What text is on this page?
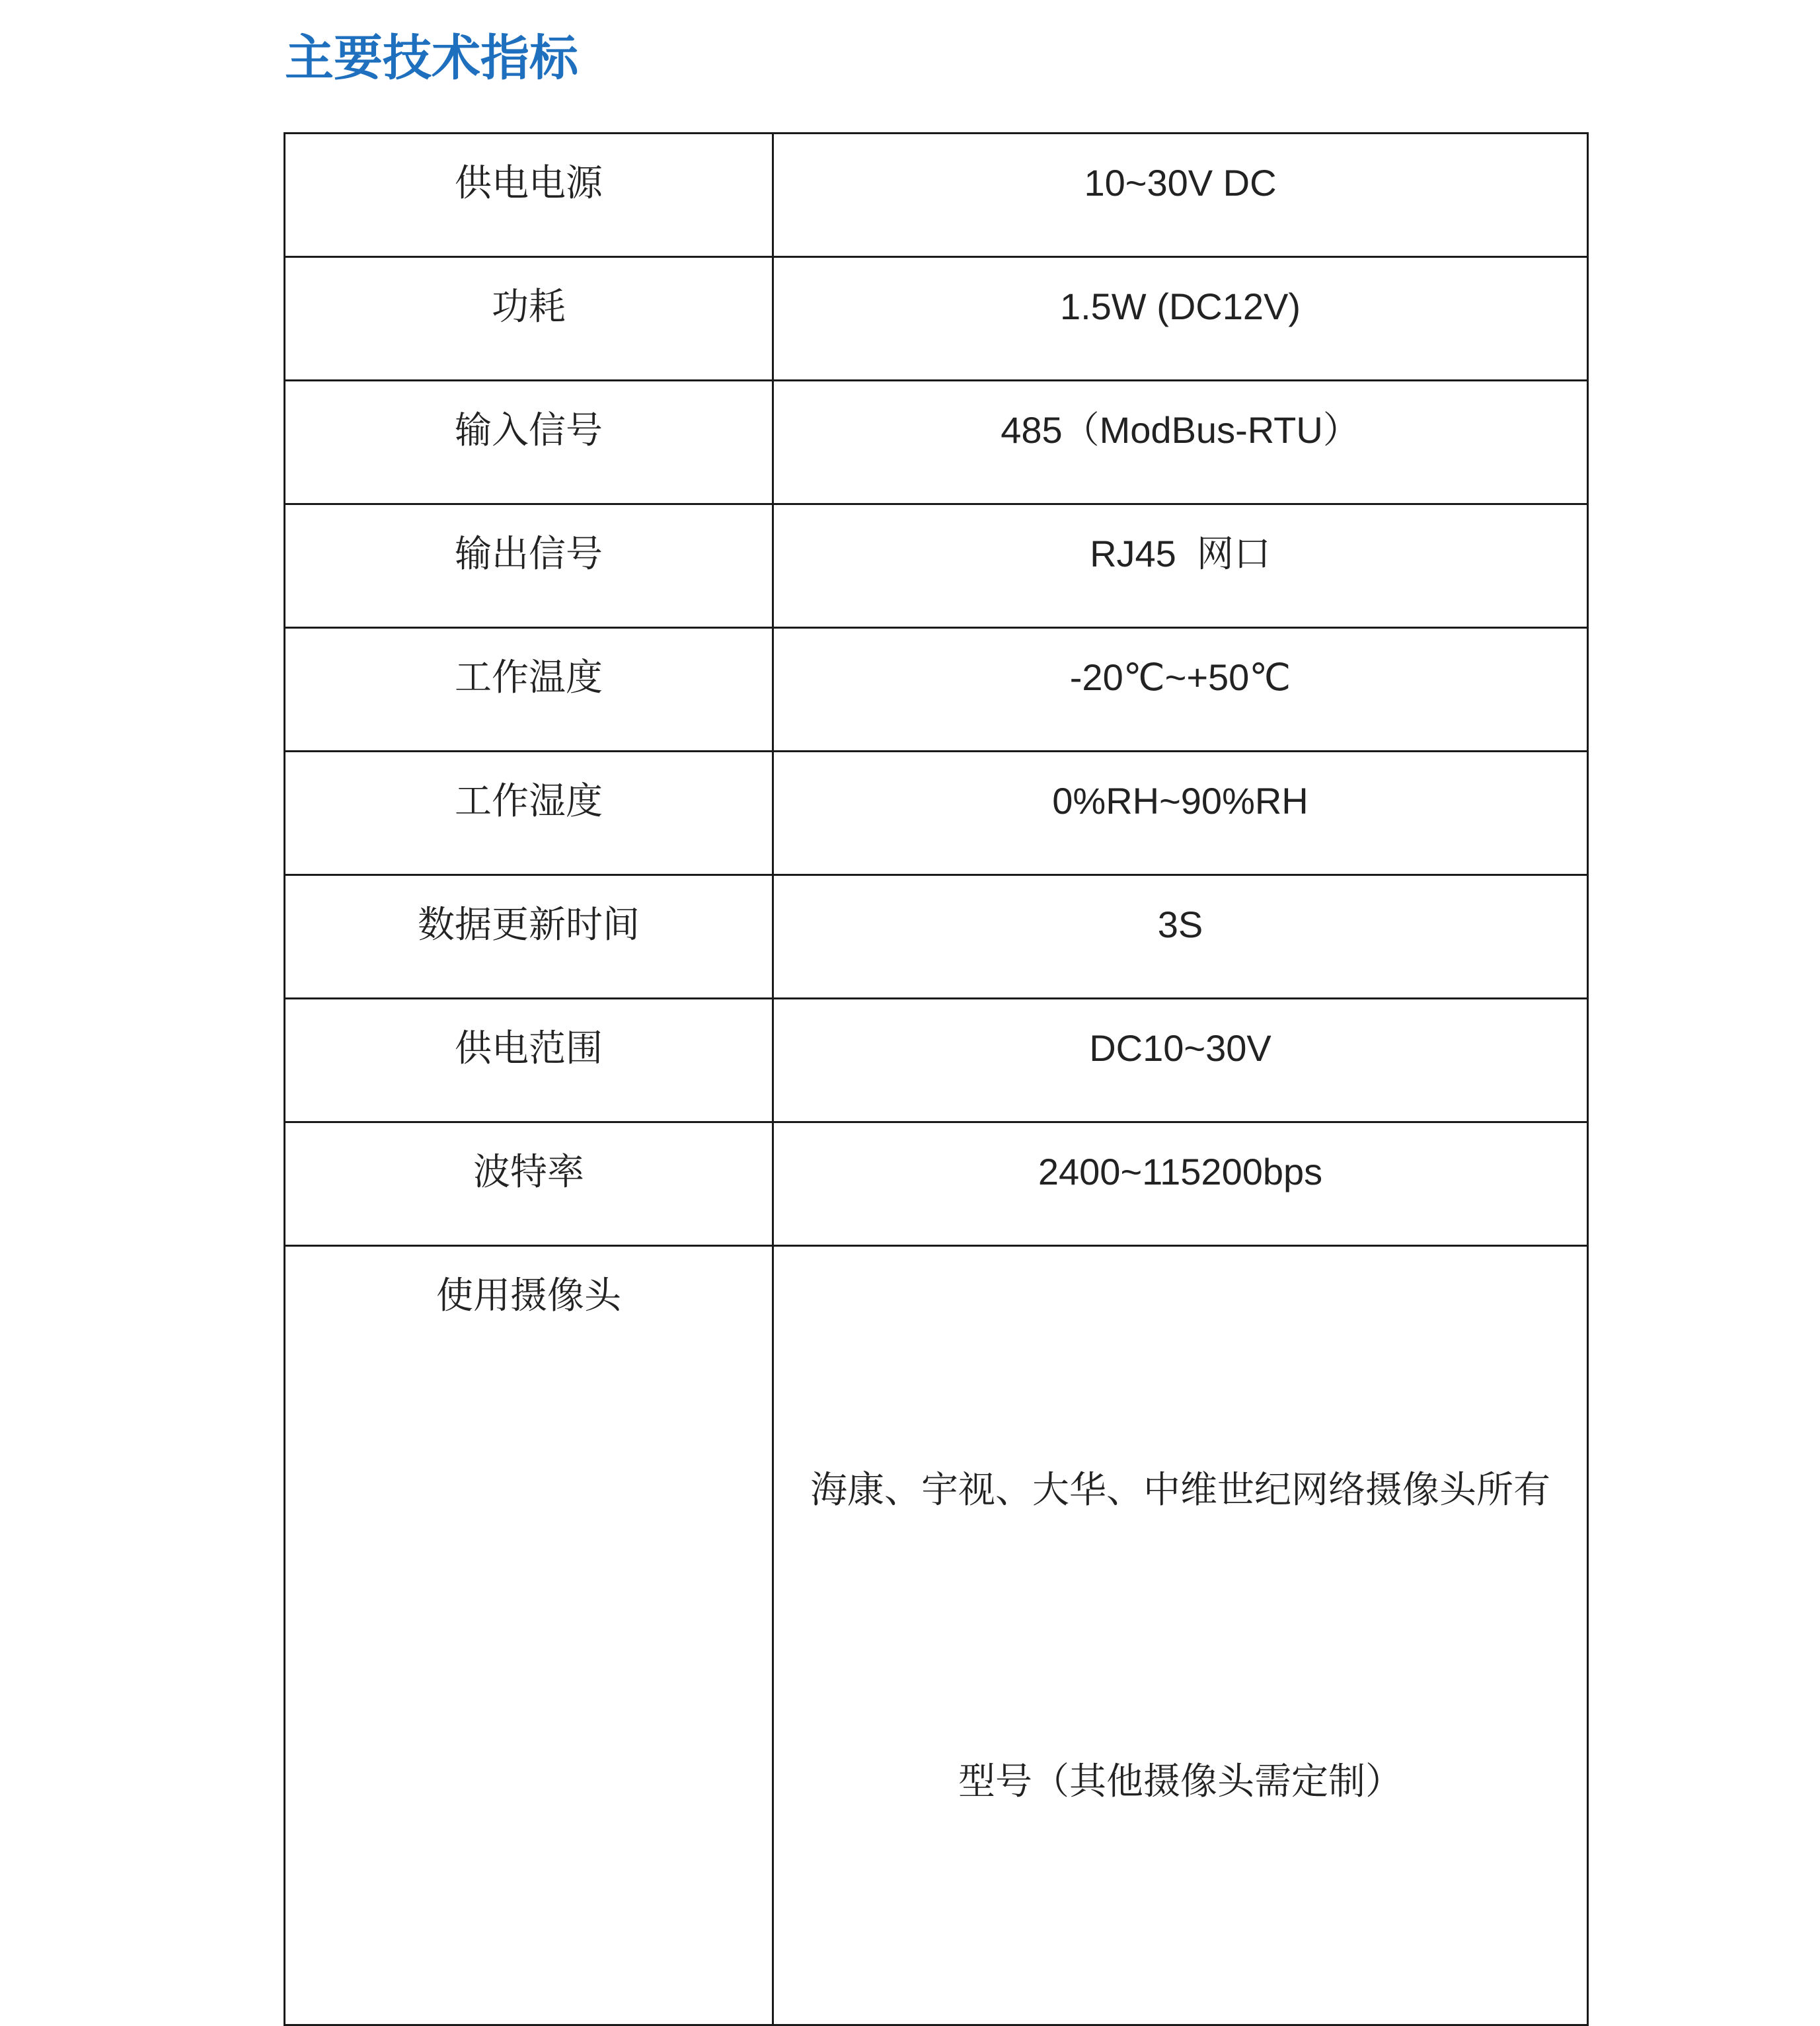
主要技术指标
供电电源	10~30V DC
功耗	1.5W (DC12V)
输入信号	485（ModBus-RTU）
输出信号	RJ45  网口
工作温度	-20℃~+50℃
工作湿度	0%RH~90%RH
数据更新时间	3S
供电范围	DC10~30V
波特率	2400~115200bps
使用摄像头	海康、宇视、大华、中维世纪网络摄像头所有

型号（其他摄像头需定制）
